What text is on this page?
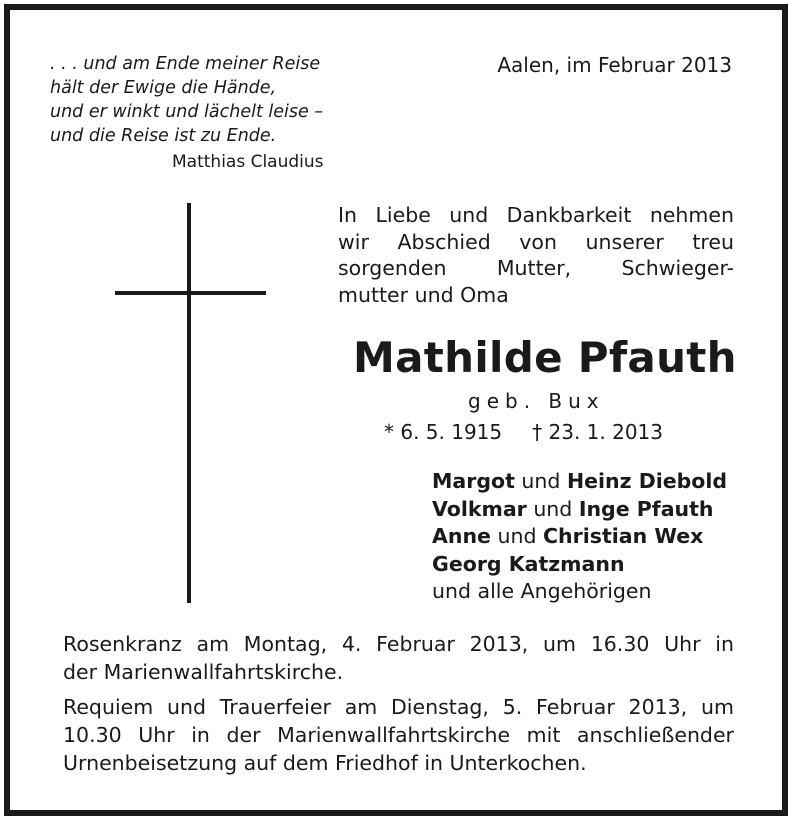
. . . und am Ende meiner Reise
hält der Ewige die Hände,
und er winkt und lächelt leise –
und die Reise ist zu Ende.
Matthias Claudius
Aalen, im Februar 2013
In Liebe und Dankbarkeit nehmen
wir Abschied von unserer treu
sorgenden Mutter, Schwieger-
mutter und Oma
Mathilde Pfauth
geb. Bux
* 6. 5. 1915 † 23. 1. 2013
Margot und Heinz Diebold
Volkmar und Inge Pfauth
Anne und Christian Wex
Georg Katzmann
und alle Angehörigen

Rosenkranz am Montag, 4. Februar 2013, um 16.30 Uhr in
der Marienwallfahrtskirche.

Requiem und Trauerfeier am Dienstag, 5. Februar 2013, um
10.30 Uhr in der Marienwallfahrtskirche mit anschließender
Urnenbeisetzung auf dem Friedhof in Unterkochen.
